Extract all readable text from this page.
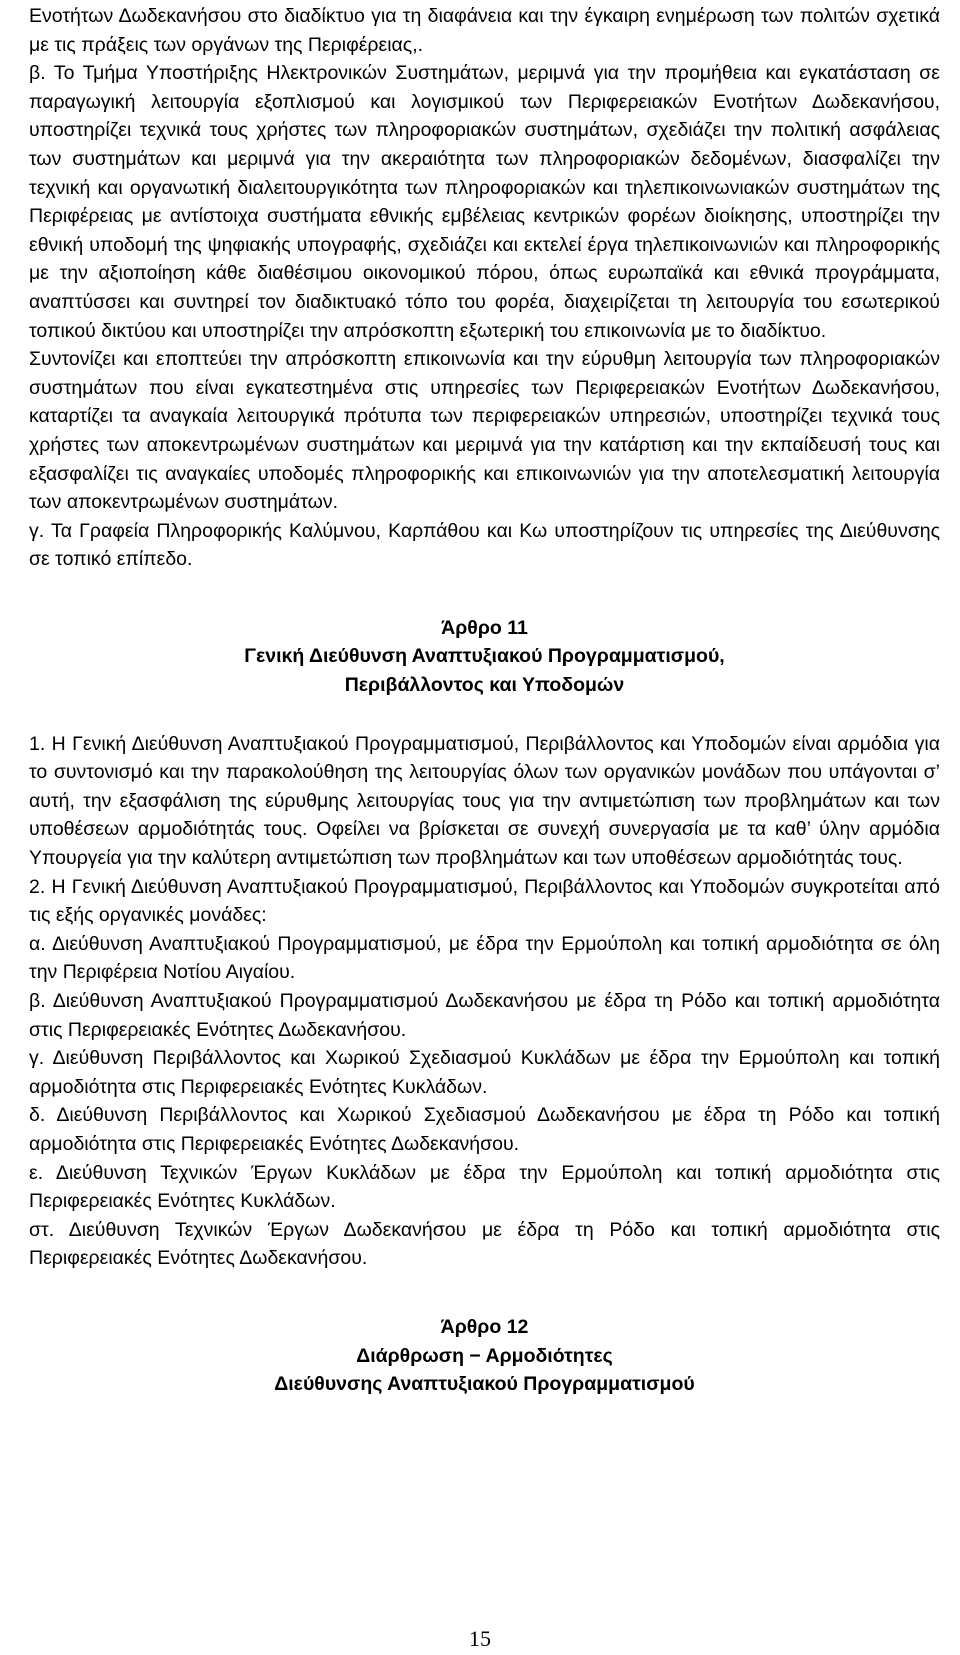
Ενοτήτων Δωδεκανήσου στο διαδίκτυο για τη διαφάνεια και την έγκαιρη ενημέρωση των πολιτών σχετικά με τις πράξεις των οργάνων της Περιφέρειας,.

β. Το Τμήμα Υποστήριξης Ηλεκτρονικών Συστημάτων, μεριμνά για την προμήθεια και εγκατάσταση σε παραγωγική λειτουργία εξοπλισμού και λογισμικού των Περιφερειακών Ενοτήτων Δωδεκανήσου, υποστηρίζει τεχνικά τους χρήστες των πληροφοριακών συστημάτων, σχεδιάζει την πολιτική ασφάλειας των συστημάτων και μεριμνά για την ακεραιότητα των πληροφοριακών δεδομένων, διασφαλίζει την τεχνική και οργανωτική διαλειτουργικότητα των πληροφοριακών και τηλεπικοινωνιακών συστημάτων της Περιφέρειας με αντίστοιχα συστήματα εθνικής εμβέλειας κεντρικών φορέων διοίκησης, υποστηρίζει την εθνική υποδομή της ψηφιακής υπογραφής, σχεδιάζει και εκτελεί έργα τηλεπικοινωνιών και πληροφορικής με την αξιοποίηση κάθε διαθέσιμου οικονομικού πόρου, όπως ευρωπαϊκά και εθνικά προγράμματα, αναπτύσσει και συντηρεί τον διαδικτυακό τόπο του φορέα, διαχειρίζεται τη λειτουργία του εσωτερικού τοπικού δικτύου και υποστηρίζει την απρόσκοπτη εξωτερική του επικοινωνία με το διαδίκτυο.

Συντονίζει και εποπτεύει την απρόσκοπτη επικοινωνία και την εύρυθμη λειτουργία των πληροφοριακών συστημάτων που είναι εγκατεστημένα στις υπηρεσίες των Περιφερειακών Ενοτήτων Δωδεκανήσου, καταρτίζει τα αναγκαία λειτουργικά πρότυπα των περιφερειακών υπηρεσιών, υποστηρίζει τεχνικά τους χρήστες των αποκεντρωμένων συστημάτων και μεριμνά για την κατάρτιση και την εκπαίδευσή τους και εξασφαλίζει τις αναγκαίες υποδομές πληροφορικής και επικοινωνιών για την αποτελεσματική λειτουργία των αποκεντρωμένων συστημάτων.

γ. Τα Γραφεία Πληροφορικής Καλύμνου, Καρπάθου και Κω υποστηρίζουν τις υπηρεσίες της Διεύθυνσης σε τοπικό επίπεδο.

Άρθρο 11

Γενική Διεύθυνση Αναπτυξιακού Προγραμματισμού,

Περιβάλλοντος και Υποδομών

1. Η Γενική Διεύθυνση Αναπτυξιακού Προγραμματισμού, Περιβάλλοντος και Υποδομών είναι αρμόδια για το συντονισμό και την παρακολούθηση της λειτουργίας όλων των οργανικών μονάδων που υπάγονται σ’ αυτή, την εξασφάλιση της εύρυθμης λειτουργίας τους για την αντιμετώπιση των προβλημάτων και των υποθέσεων αρμοδιότητάς τους. Οφείλει να βρίσκεται σε συνεχή συνεργασία με τα καθ’ ύλην αρμόδια Υπουργεία για την καλύτερη αντιμετώπιση των προβλημάτων και των υποθέσεων αρμοδιότητάς τους.

2. Η Γενική Διεύθυνση Αναπτυξιακού Προγραμματισμού, Περιβάλλοντος και Υποδομών συγκροτείται από τις εξής οργανικές μονάδες:

α. Διεύθυνση Αναπτυξιακού Προγραμματισμού, με έδρα την Ερμούπολη και τοπική αρμοδιότητα σε όλη την Περιφέρεια Νοτίου Αιγαίου.

β. Διεύθυνση Αναπτυξιακού Προγραμματισμού Δωδεκανήσου με έδρα τη Ρόδο και τοπική αρμοδιότητα στις Περιφερειακές Ενότητες Δωδεκανήσου.

γ. Διεύθυνση Περιβάλλοντος και Χωρικού Σχεδιασμού Κυκλάδων με έδρα την Ερμούπολη και τοπική αρμοδιότητα στις Περιφερειακές Ενότητες Κυκλάδων.

δ. Διεύθυνση Περιβάλλοντος και Χωρικού Σχεδιασμού Δωδεκανήσου με έδρα τη Ρόδο και τοπική αρμοδιότητα στις Περιφερειακές Ενότητες Δωδεκανήσου.

ε. Διεύθυνση Τεχνικών Έργων Κυκλάδων με έδρα την Ερμούπολη και τοπική αρμοδιότητα στις Περιφερειακές Ενότητες Κυκλάδων.

στ. Διεύθυνση Τεχνικών Έργων Δωδεκανήσου με έδρα τη Ρόδο και τοπική αρμοδιότητα στις Περιφερειακές Ενότητες Δωδεκανήσου.

Άρθρο 12

Διάρθρωση − Αρμοδιότητες

Διεύθυνσης Αναπτυξιακού Προγραμματισμού

15
